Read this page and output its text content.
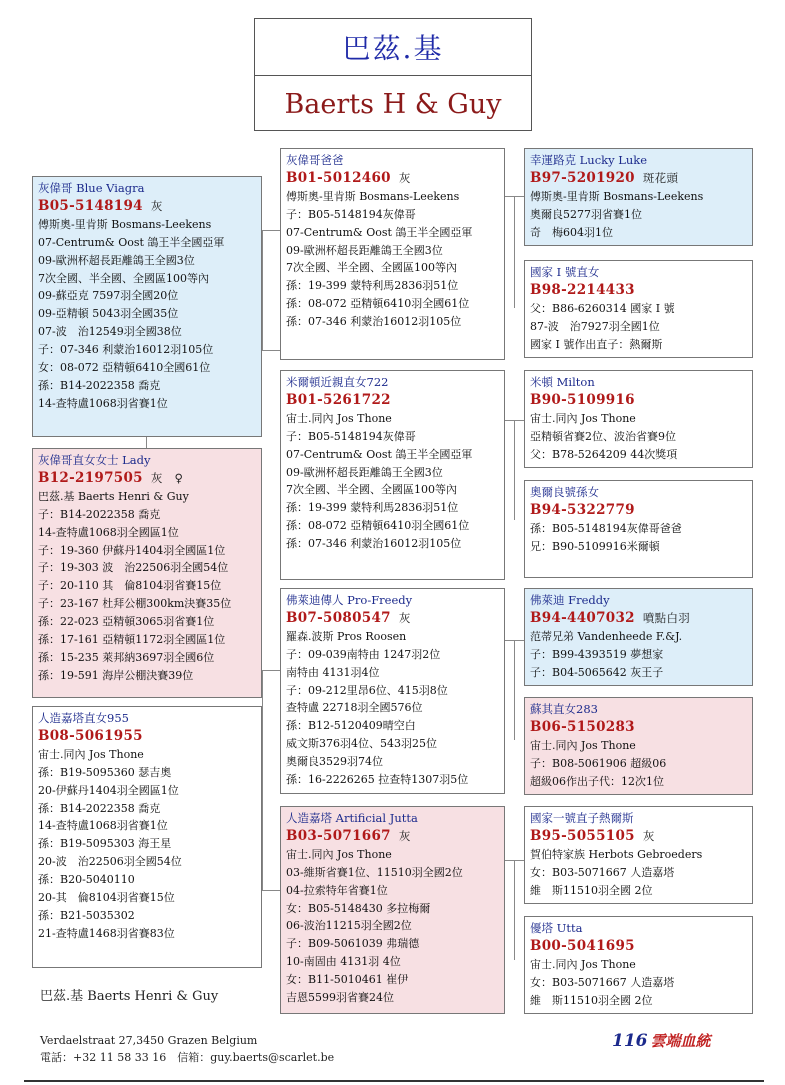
巴茲.基
Baerts H & Guy
灰偉哥 Blue Viagra
B05-5148194 灰
傅斯奧-里肯斯 Bosmans-Leekens
07-Centrum& Oost 鴿王半全國亞軍
09-歐洲杯超長距離鴿王全國3位
7次全國、半全國、全國區100等內
09-蘇亞克 7597羽全國20位
09-亞精頓 5043羽全國35位
07-波　治12549羽全國38位
子：07-346 利蒙治16012羽105位
女：08-072 亞精頓6410全國61位
孫：B14-2022358 喬克
14-查特盧1068羽省賽1位
灰偉哥直女女士 Lady
B12-2197505 灰　♀
巴茲.基 Baerts Henri & Guy
子：B14-2022358 喬克
14-查特盧1068羽全國區1位
子：19-360 伊蘇丹1404羽全國區1位
子：19-303 波　治22506羽全國54位
子：20-110 其　倫8104羽省賽15位
子：23-167 杜拜公棚300km決賽35位
孫：22-023 亞精頓3065羽省賽1位
孫：17-161 亞精頓1172羽全國區1位
孫：15-235 萊邦納3697羽全國6位
孫：19-591 海岸公棚決賽39位
人造嘉塔直女955
B08-5061955
宙士.同內 Jos Thone
孫：B19-5095360 瑟吉奧
20-伊蘇丹1404羽全國區1位
孫：B14-2022358 喬克
14-查特盧1068羽省賽1位
孫：B19-5095303 海王星
20-波　治22506羽全國54位
孫：B20-5040110
20-其　倫8104羽省賽15位
孫：B21-5035302
21-查特盧1468羽省賽83位
灰偉哥爸爸
B01-5012460 灰
傅斯奧-里肯斯 Bosmans-Leekens
子：B05-5148194灰偉哥
07-Centrum& Oost 鴿王半全國亞軍
09-歐洲杯超長距離鴿王全國3位
7次全國、半全國、全國區100等內
孫：19-399 蒙特利馬2836羽51位
孫：08-072 亞精頓6410羽全國61位
孫：07-346 利蒙治16012羽105位
米爾頓近親直女722
B01-5261722
宙士.同內 Jos Thone
子：B05-5148194灰偉哥
07-Centrum& Oost 鴿王半全國亞軍
09-歐洲杯超長距離鴿王全國3位
7次全國、半全國、全國區100等內
孫：19-399 蒙特利馬2836羽51位
孫：08-072 亞精頓6410羽全國61位
孫：07-346 利蒙治16012羽105位
佛萊迪傳人 Pro-Freedy
B07-5080547 灰
羅森.波斯 Pros Roosen
子：09-039南特由 1247羽2位
南特由 4131羽4位
子：09-212里昂6位、415羽8位
查特盧 22718羽全國576位
孫：B12-5120409晴空白
威文斯376羽4位、543羽25位
奧爾良3529羽74位
孫：16-2226265 拉查特1307羽5位
人造嘉塔 Artificial Jutta
B03-5071667 灰
宙士.同內 Jos Thone
03-維斯省賽1位、11510羽全國2位
04-拉索特年省賽1位
女：B05-5148430 多拉梅爾
06-波治11215羽全國2位
子：B09-5061039 弗瑞德
10-南固由 4131羽 4位
女：B11-5010461 崔伊
吉恩5599羽省賽24位
幸運路克 Lucky Luke
B97-5201920 斑花頭
傅斯奧-里肯斯 Bosmans-Leekens
奧爾良5277羽省賽1位
奇　梅604羽1位
國家 I 號直女
B98-2214433
父：B86-6260314 國家 I 號
87-波　治7927羽全國1位
國家 I 號作出直子：熱爾斯
米頓 Milton
B90-5109916
宙士.同內 Jos Thone
亞精頓省賽2位、波治省賽9位
父：B78-5264209 44次獎項
奧爾良號孫女
B94-5322779
孫：B05-5148194灰偉哥爸爸
兄：B90-5109916米爾頓
佛萊迪 Freddy
B94-4407032 噴點白羽
范蒂兄弟 Vandenheede F.&J.
子：B99-4393519 夢想家
子：B04-5065642 灰王子
蘇其直女283
B06-5150283
宙士.同內 Jos Thone
子：B08-5061906 超級06
超級06作出子代：12次1位
國家一號直子熱爾斯
B95-5055105 灰
賀伯特家族 Herbots Gebroeders
女：B03-5071667 人造嘉塔
維　斯11510羽全國 2位
優塔 Utta
B00-5041695
宙士.同內 Jos Thone
女：B03-5071667 人造嘉塔
維　斯11510羽全國 2位
巴茲.基 Baerts Henri & Guy
Verdaelstraat 27,3450 Grazen Belgium
電話：+32 11 58 33 16　信箱：guy.baerts@scarlet.be
116 雲端血統
